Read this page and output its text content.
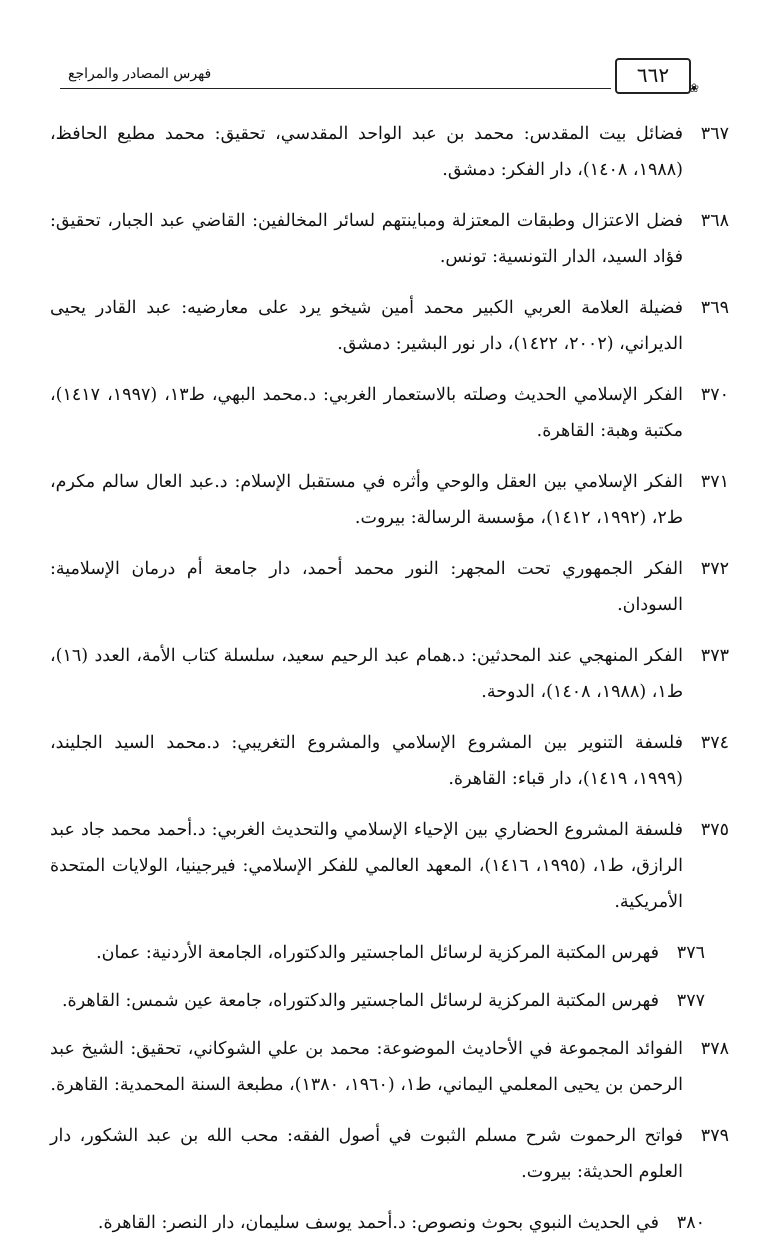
فهرس المصادر والمراجع	٦٦٢
❀
٣٦٧
فضائل بيت المقدس: محمد بن عبد الواحد المقدسي، تحقيق: محمد مطيع الحافظ، (١٩٨٨، ١٤٠٨)، دار الفكر: دمشق.
٣٦٨
فضل الاعتزال وطبقات المعتزلة ومباينتهم لسائر المخالفين: القاضي عبد الجبار، تحقيق: فؤاد السيد، الدار التونسية: تونس.
٣٦٩
فضيلة العلامة العربي الكبير محمد أمين شيخو يرد على معارضيه: عبد القادر يحيى الديراني، (٢٠٠٢، ١٤٢٢)، دار نور البشير: دمشق.
٣٧٠
الفكر الإسلامي الحديث وصلته بالاستعمار الغربي: د.محمد البهي، ط١٣، (١٩٩٧، ١٤١٧)، مكتبة وهبة: القاهرة.
٣٧١
الفكر الإسلامي بين العقل والوحي وأثره في مستقبل الإسلام: د.عبد العال سالم مكرم، ط٢، (١٩٩٢، ١٤١٢)، مؤسسة الرسالة: بيروت.
٣٧٢
الفكر الجمهوري تحت المجهر: النور محمد أحمد، دار جامعة أم درمان الإسلامية: السودان.
٣٧٣
الفكر المنهجي عند المحدثين: د.همام عبد الرحيم سعيد، سلسلة كتاب الأمة، العدد (١٦)، ط١، (١٩٨٨، ١٤٠٨)، الدوحة.
٣٧٤
فلسفة التنوير بين المشروع الإسلامي والمشروع التغريبي: د.محمد السيد الجليند، (١٩٩٩، ١٤١٩)، دار قباء: القاهرة.
٣٧٥
فلسفة المشروع الحضاري بين الإحياء الإسلامي والتحديث الغربي: د.أحمد محمد جاد عبد الرازق، ط١، (١٩٩٥، ١٤١٦)، المعهد العالمي للفكر الإسلامي: فيرجينيا، الولايات المتحدة الأمريكية.
٣٧٦
فهرس المكتبة المركزية لرسائل الماجستير والدكتوراه، الجامعة الأردنية: عمان.
٣٧٧
فهرس المكتبة المركزية لرسائل الماجستير والدكتوراه، جامعة عين شمس: القاهرة.
٣٧٨
الفوائد المجموعة في الأحاديث الموضوعة: محمد بن علي الشوكاني، تحقيق: الشيخ عبد الرحمن بن يحيى المعلمي اليماني، ط١، (١٩٦٠، ١٣٨٠)، مطبعة السنة المحمدية: القاهرة.
٣٧٩
فواتح الرحموت شرح مسلم الثبوت في أصول الفقه: محب الله بن عبد الشكور، دار العلوم الحديثة: بيروت.
٣٨٠
في الحديث النبوي بحوث ونصوص: د.أحمد يوسف سليمان، دار النصر: القاهرة.
